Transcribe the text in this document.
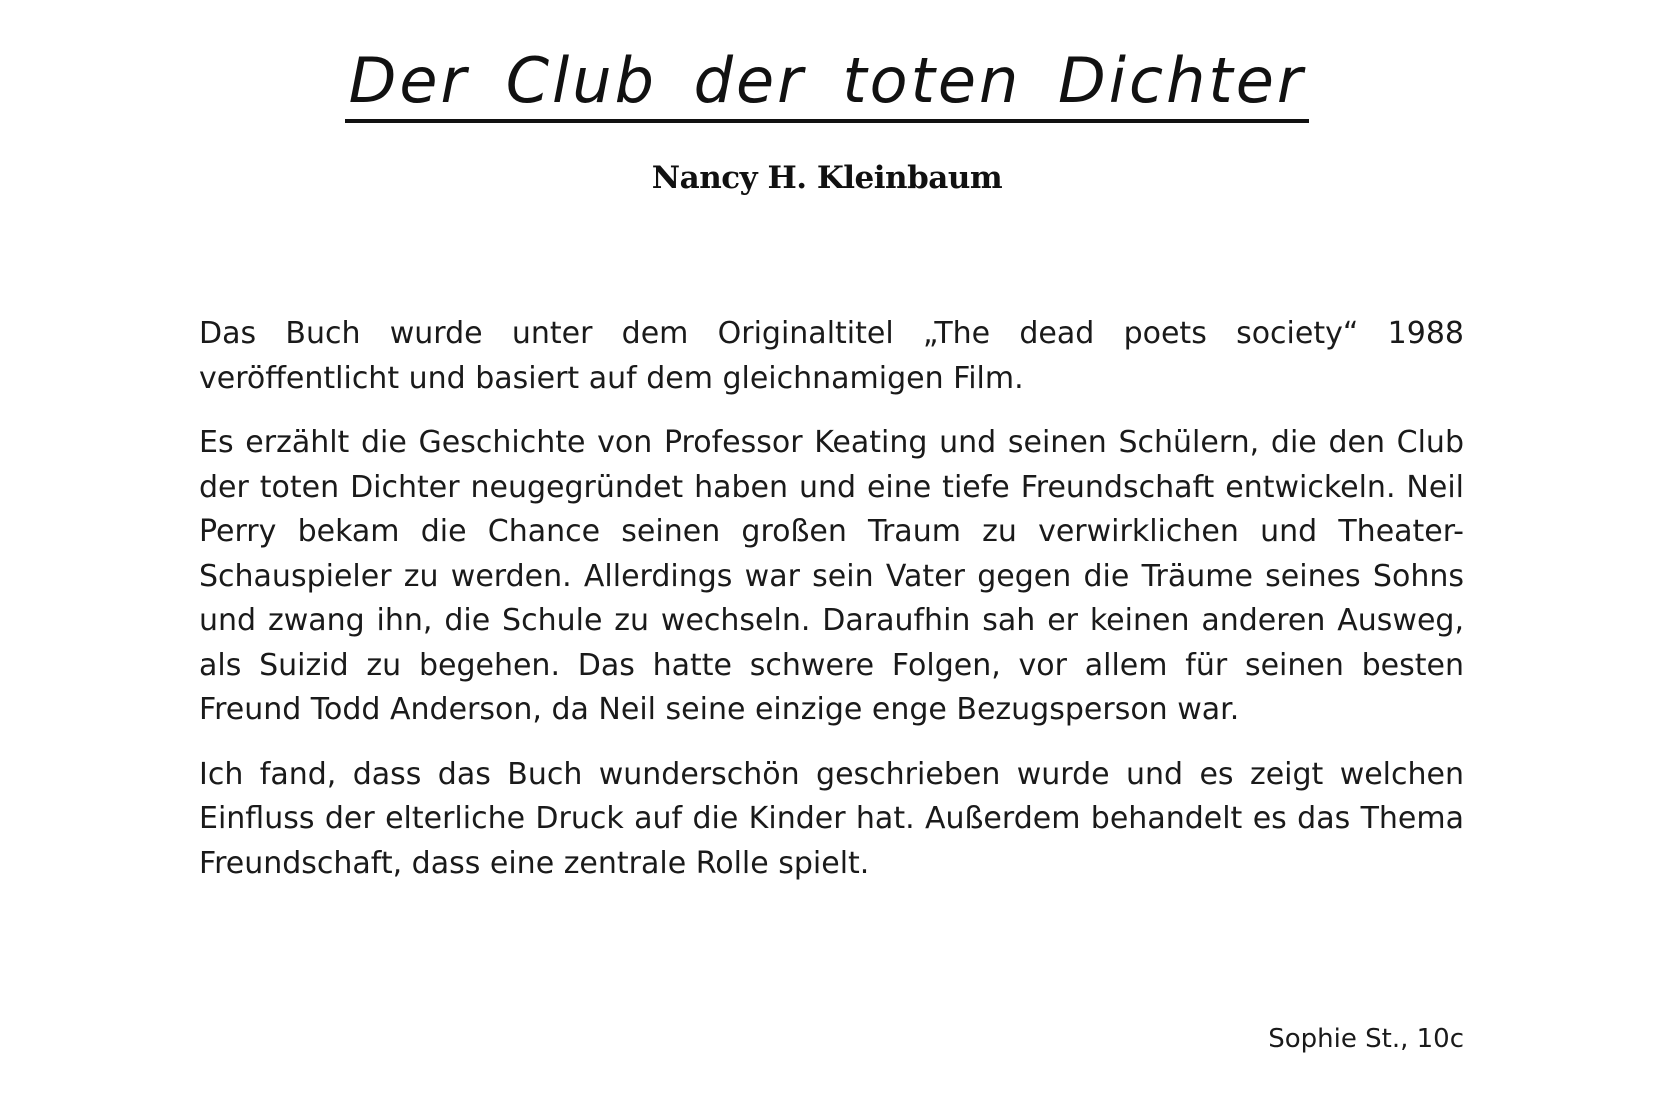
Der Club der toten Dichter
Nancy H. Kleinbaum

Das Buch wurde unter dem Originaltitel „The dead poets society“ 1988 veröffentlicht und basiert auf dem gleichnamigen Film.

Es erzählt die Geschichte von Professor Keating und seinen Schülern, die den Club der toten Dichter neugegründet haben und eine tiefe Freundschaft entwickeln. Neil Perry bekam die Chance seinen großen Traum zu verwirklichen und Theater-Schauspieler zu werden. Allerdings war sein Vater gegen die Träume seines Sohns und zwang ihn, die Schule zu wechseln. Daraufhin sah er keinen anderen Ausweg, als Suizid zu begehen. Das hatte schwere Folgen, vor allem für seinen besten Freund Todd Anderson, da Neil seine einzige enge Bezugsperson war.

Ich fand, dass das Buch wunderschön geschrieben wurde und es zeigt welchen Einfluss der elterliche Druck auf die Kinder hat. Außerdem behandelt es das Thema Freundschaft, dass eine zentrale Rolle spielt.

Sophie St., 10c
